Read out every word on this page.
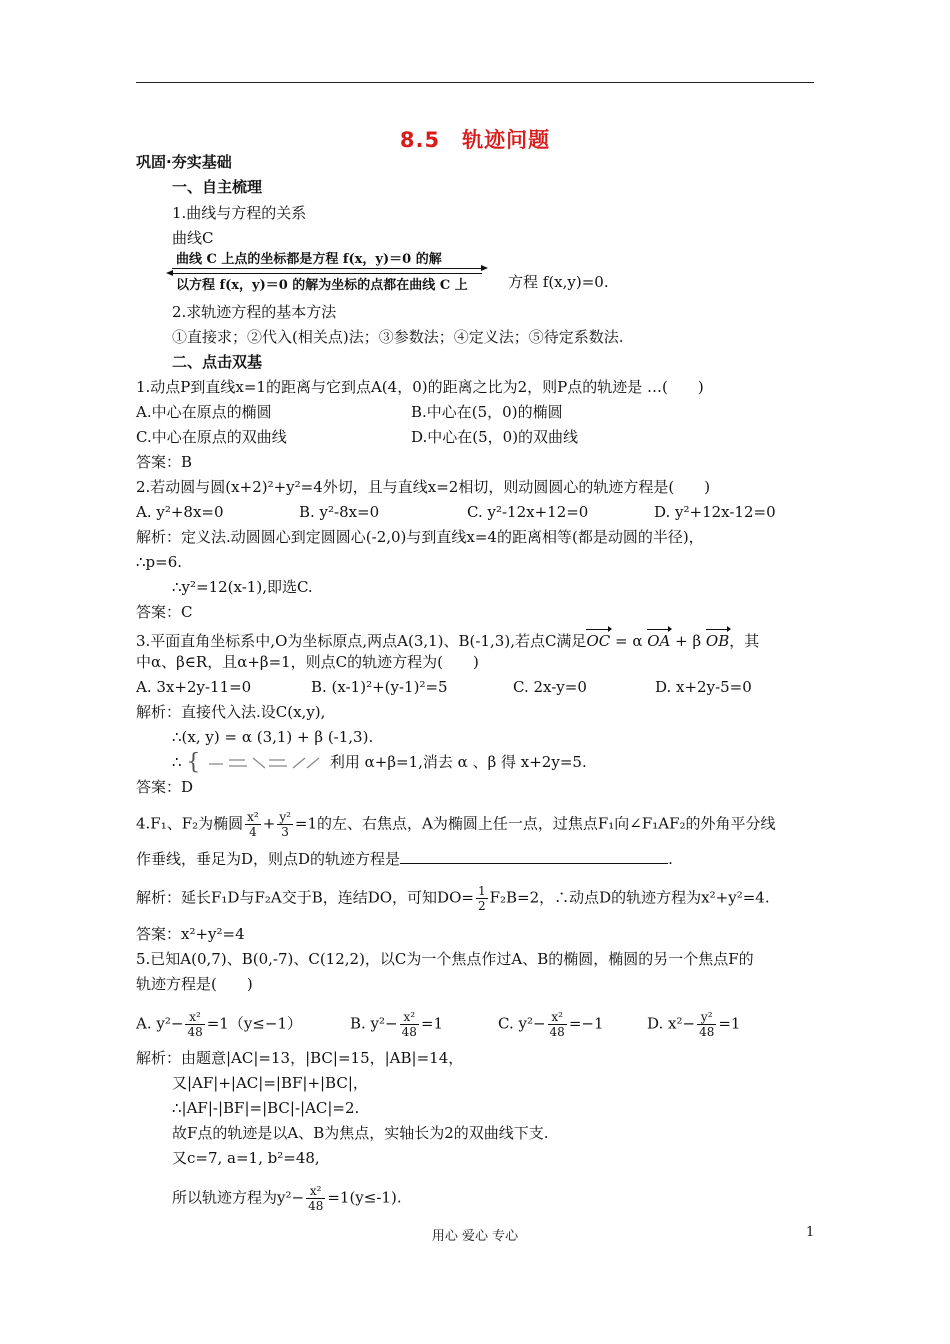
8.5　轨迹问题
巩固·夯实基础
一、自主梳理
1.曲线与方程的关系
曲线C
曲线 C 上点的坐标都是方程 f(x，y)＝0 的解
以方程 f(x，y)＝0 的解为坐标的点都在曲线 C 上	方程 f(x,y)=0.
2.求轨迹方程的基本方法
①直接求；②代入(相关点)法；③参数法；④定义法；⑤待定系数法.
二、点击双基
1.动点P到直线x=1的距离与它到点A(4，0)的距离之比为2，则P点的轨迹是 …(　　)
A.中心在原点的椭圆	B.中心在(5，0)的椭圆
C.中心在原点的双曲线	D.中心在(5，0)的双曲线
答案：B
2.若动圆与圆(x+2)²+y²=4外切，且与直线x=2相切，则动圆圆心的轨迹方程是(　　)
A. y²+8x=0	B. y²-8x=0	C. y²-12x+12=0	D. y²+12x-12=0
解析：定义法.动圆圆心到定圆圆心(-2,0)与到直线x=4的距离相等(都是动圆的半径)，
∴p=6.
∴y²=12(x-1),即选C.
答案：C
3.平面直角坐标系中,O为坐标原点,两点A(3,1)、B(-1,3),若点C满足OC = α OA + β OB，其
中α、β∈R，且α+β=1，则点C的轨迹方程为(　　)
A. 3x+2y-11=0	B. (x-1)²+(y-1)²=5	C. 2x-y=0	D. x+2y-5=0
解析：直接代入法.设C(x,y),
∴(x, y) = α (3,1) + β (-1,3).
∴ {	利用 α+β=1,消去 α 、β 得 x+2y=5.
答案：D
4.F₁、F₂为椭圆 $\frac{\text{x²}}{4} + \frac{\text{y²}}{3} =1$的左、右焦点，A为椭圆上任一点，过焦点F₁向∠F₁AF₂的外角平分线
作垂线，垂足为D，则点D的轨迹方程是	.
解析：延长F₁D与F₂A交于B，连结DO，可知$DO= \frac{1}{2} F_2B=2$，∴动点D的轨迹方程为x²+y²=4.
答案：x²+y²=4
5.已知A(0,7)、B(0,-7)、C(12,2)，以C为一个焦点作过A、B的椭圆，椭圆的另一个焦点F的
轨迹方程是(　　)
A. $y^2- \frac{\text{x²}}{48} =1(y\le-1)$	B. $y^2- \frac{\text{x²}}{48} =1$	C. $y^2- \frac{\text{x²}}{48} =-1$	D. $x^2- \frac{\text{y²}}{48} =1$
解析：由题意|AC|=13，|BC|=15，|AB|=14，
又|AF|+|AC|=|BF|+|BC|，
∴|AF|-|BF|=|BC|-|AC|=2.
故F点的轨迹是以A、B为焦点，实轴长为2的双曲线下支.
又c=7, a=1, b²=48,
所以轨迹方程为$y^2- \frac{\text{x²}}{48} =1(y\le-1)$.
用心 爱心 专心	1
